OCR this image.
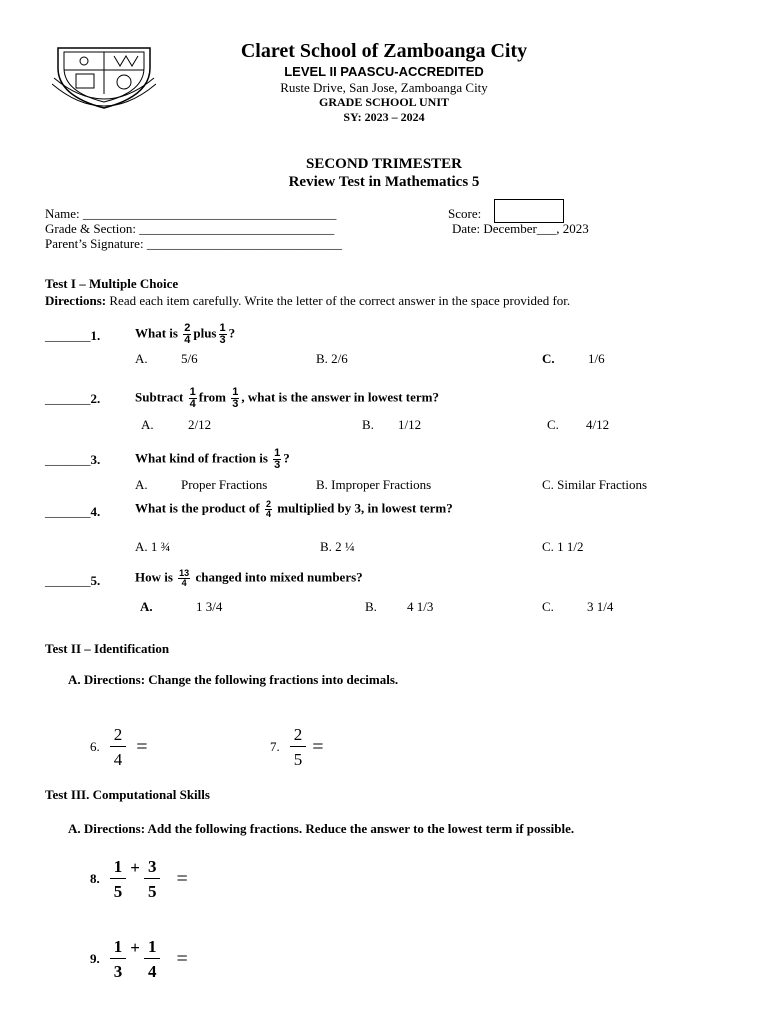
Claret School of Zamboanga City
LEVEL II PAASCU-ACCREDITED
Ruste Drive, San Jose, Zamboanga City
GRADE SCHOOL UNIT
SY: 2023 – 2024
SECOND TRIMESTER
Review Test in Mathematics 5
Name: _______________________________________
Grade & Section: ______________________________
Parent’s Signature: ______________________________
Score:
Date: December___, 2023
Test I – Multiple Choice
Directions: Read each item carefully. Write the letter of the correct answer in the space provided for.
_______1.	What is $\frac{2}{4}$ plus $\frac{1}{3}$ ?
A.	5/6	B. 2/6	C.	1/6
_______2.	Subtract $\frac{1}{4}$ from $\frac{1}{3}$ , what is the answer in lowest term?
A.	2/12	B. 1/12	C. 4/12
_______3.	What kind of fraction is $\frac{1}{3}$ ?
A.	Proper Fractions	B. Improper Fractions	C. Similar Fractions
_______4.	What is the product of $\frac{2}{4}$ multiplied by 3, in lowest term?
A. 1 ¾	B. 2 ¼	C. 1 1/2
_______5.	How is $\frac{13}{4}$ changed into mixed numbers?
A.	1 3/4	B. 4 1/3	C.	3 1/4
Test II – Identification
A. Directions: Change the following fractions into decimals.
6. $\frac{2}{4}$ =	7. $\frac{2}{5}$ =
Test III. Computational Skills
A. Directions: Add the following fractions. Reduce the answer to the lowest term if possible.
8.
1
5
+ $\frac{3}{5}$ =
9.
1
3
+ $\frac{1}{4}$ =
